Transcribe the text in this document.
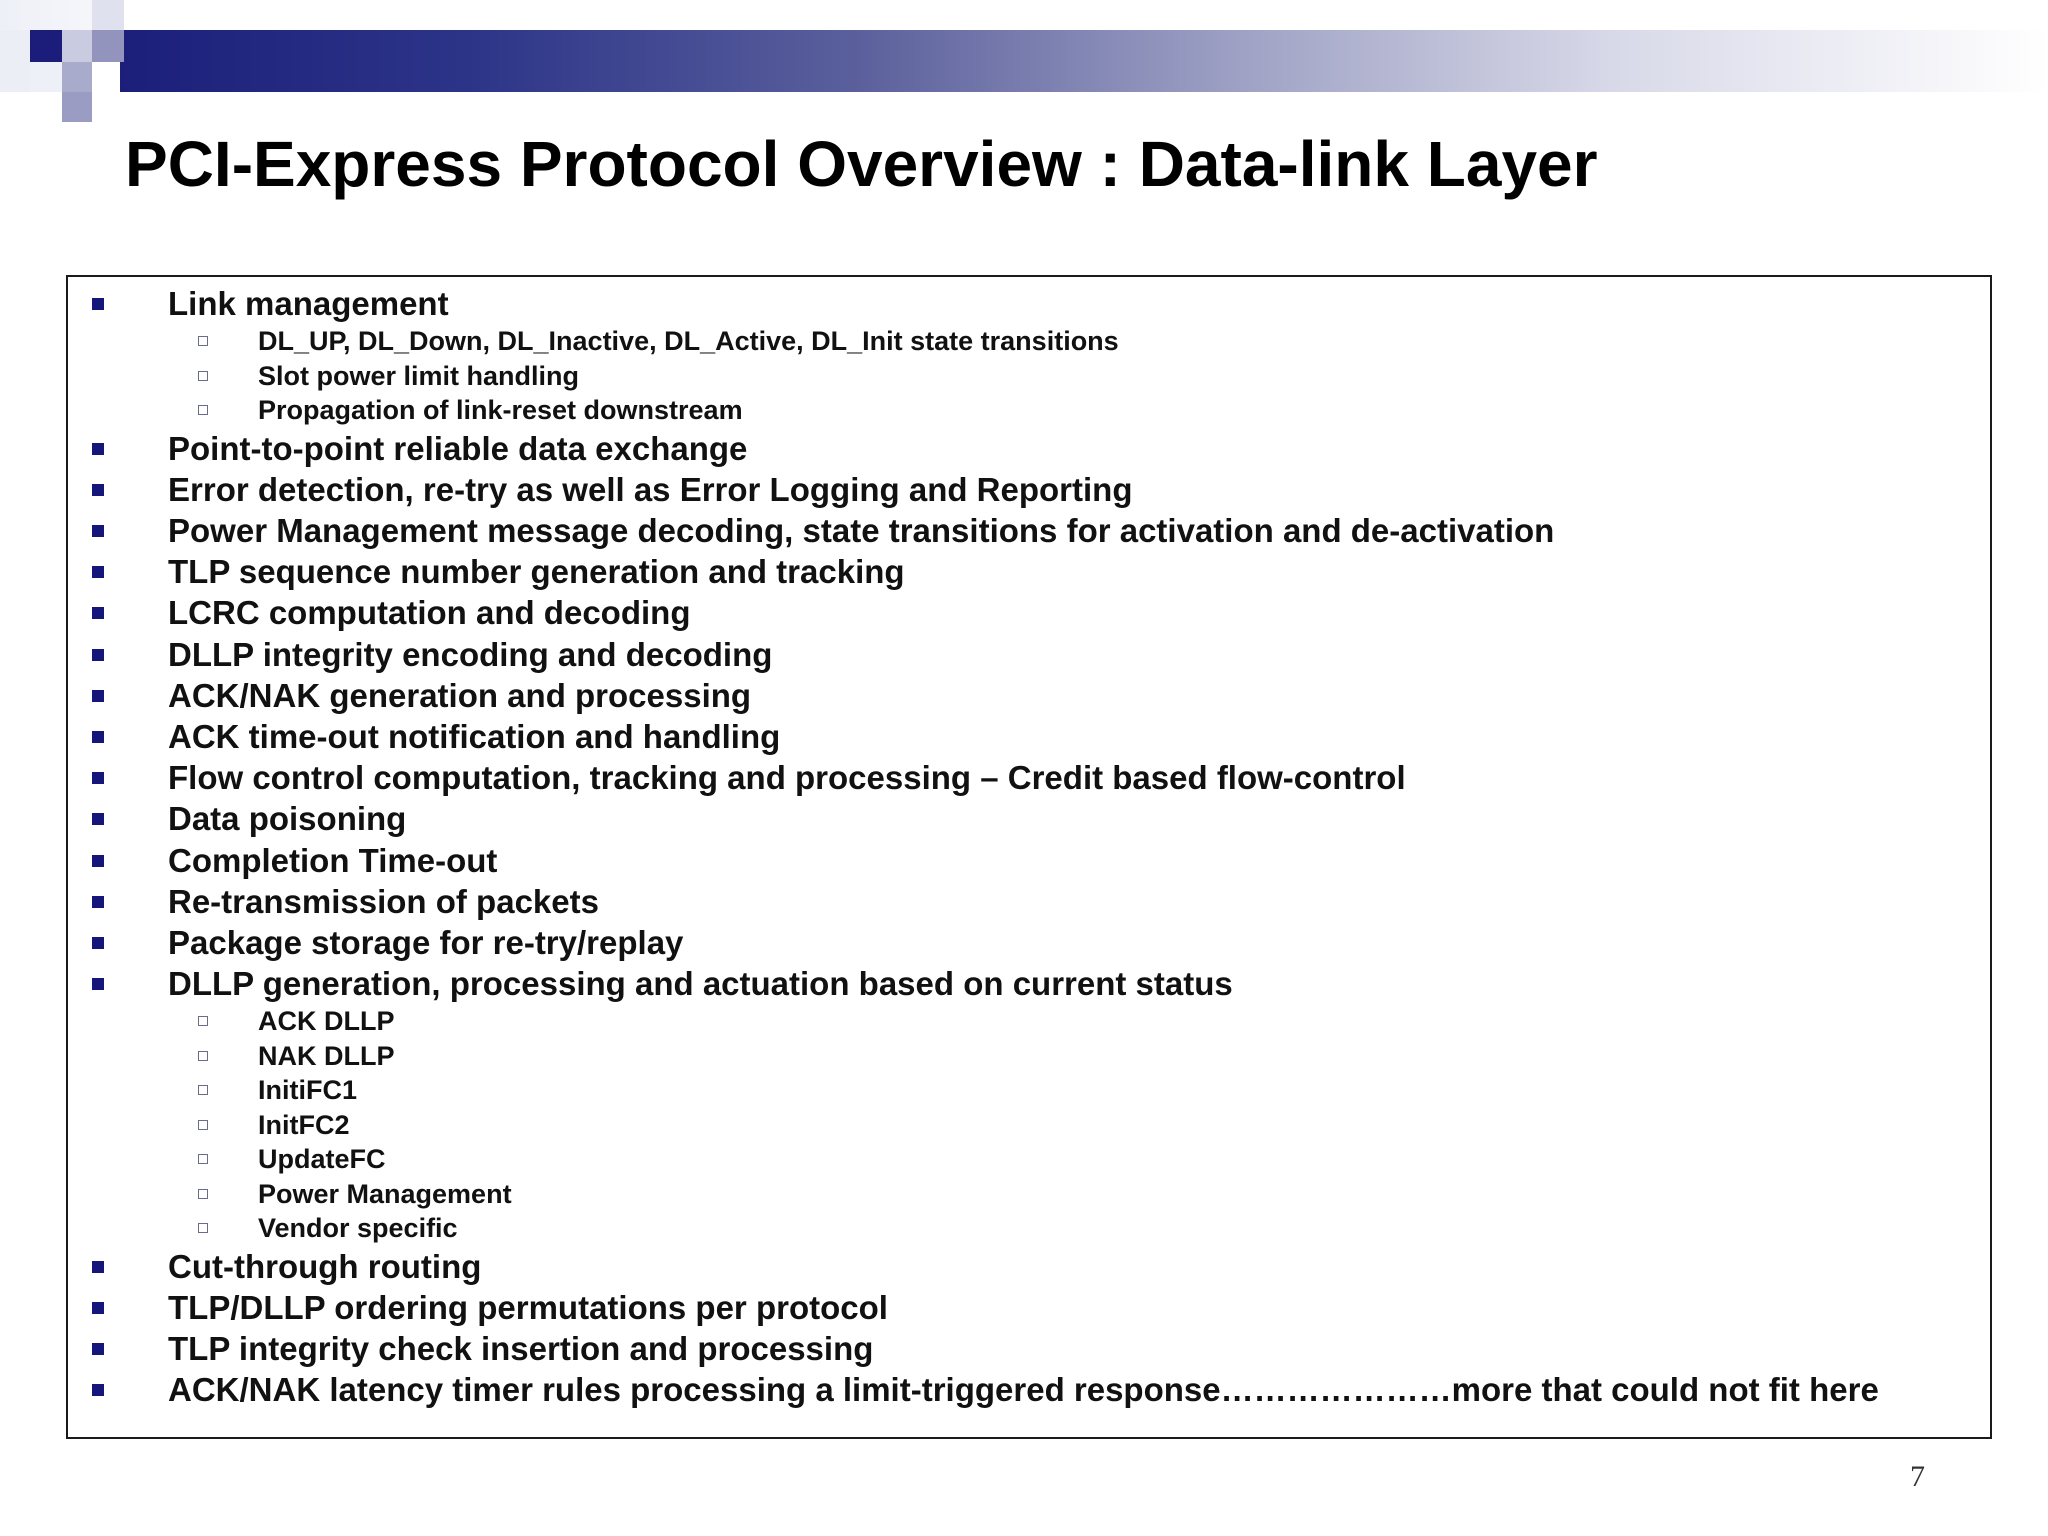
PCI-Express Protocol Overview : Data-link Layer
Link management
DL_UP, DL_Down, DL_Inactive, DL_Active, DL_Init state transitions
Slot power limit handling
Propagation of link-reset downstream
Point-to-point reliable data exchange
Error detection, re-try as well as Error Logging and Reporting
Power Management message decoding, state transitions for activation and de-activation
TLP sequence number generation and tracking
LCRC computation and decoding
DLLP integrity encoding and decoding
ACK/NAK generation and processing
ACK time-out notification and handling
Flow control computation, tracking and processing – Credit based flow-control
Data poisoning
Completion Time-out
Re-transmission of packets
Package storage for re-try/replay
DLLP generation, processing and actuation based on current status
ACK DLLP
NAK DLLP
InitiFC1
InitFC2
UpdateFC
Power Management
Vendor specific
Cut-through routing
TLP/DLLP ordering permutations per protocol
TLP integrity check insertion and processing
ACK/NAK latency timer rules processing a limit-triggered response…………………more that could not fit here
7
